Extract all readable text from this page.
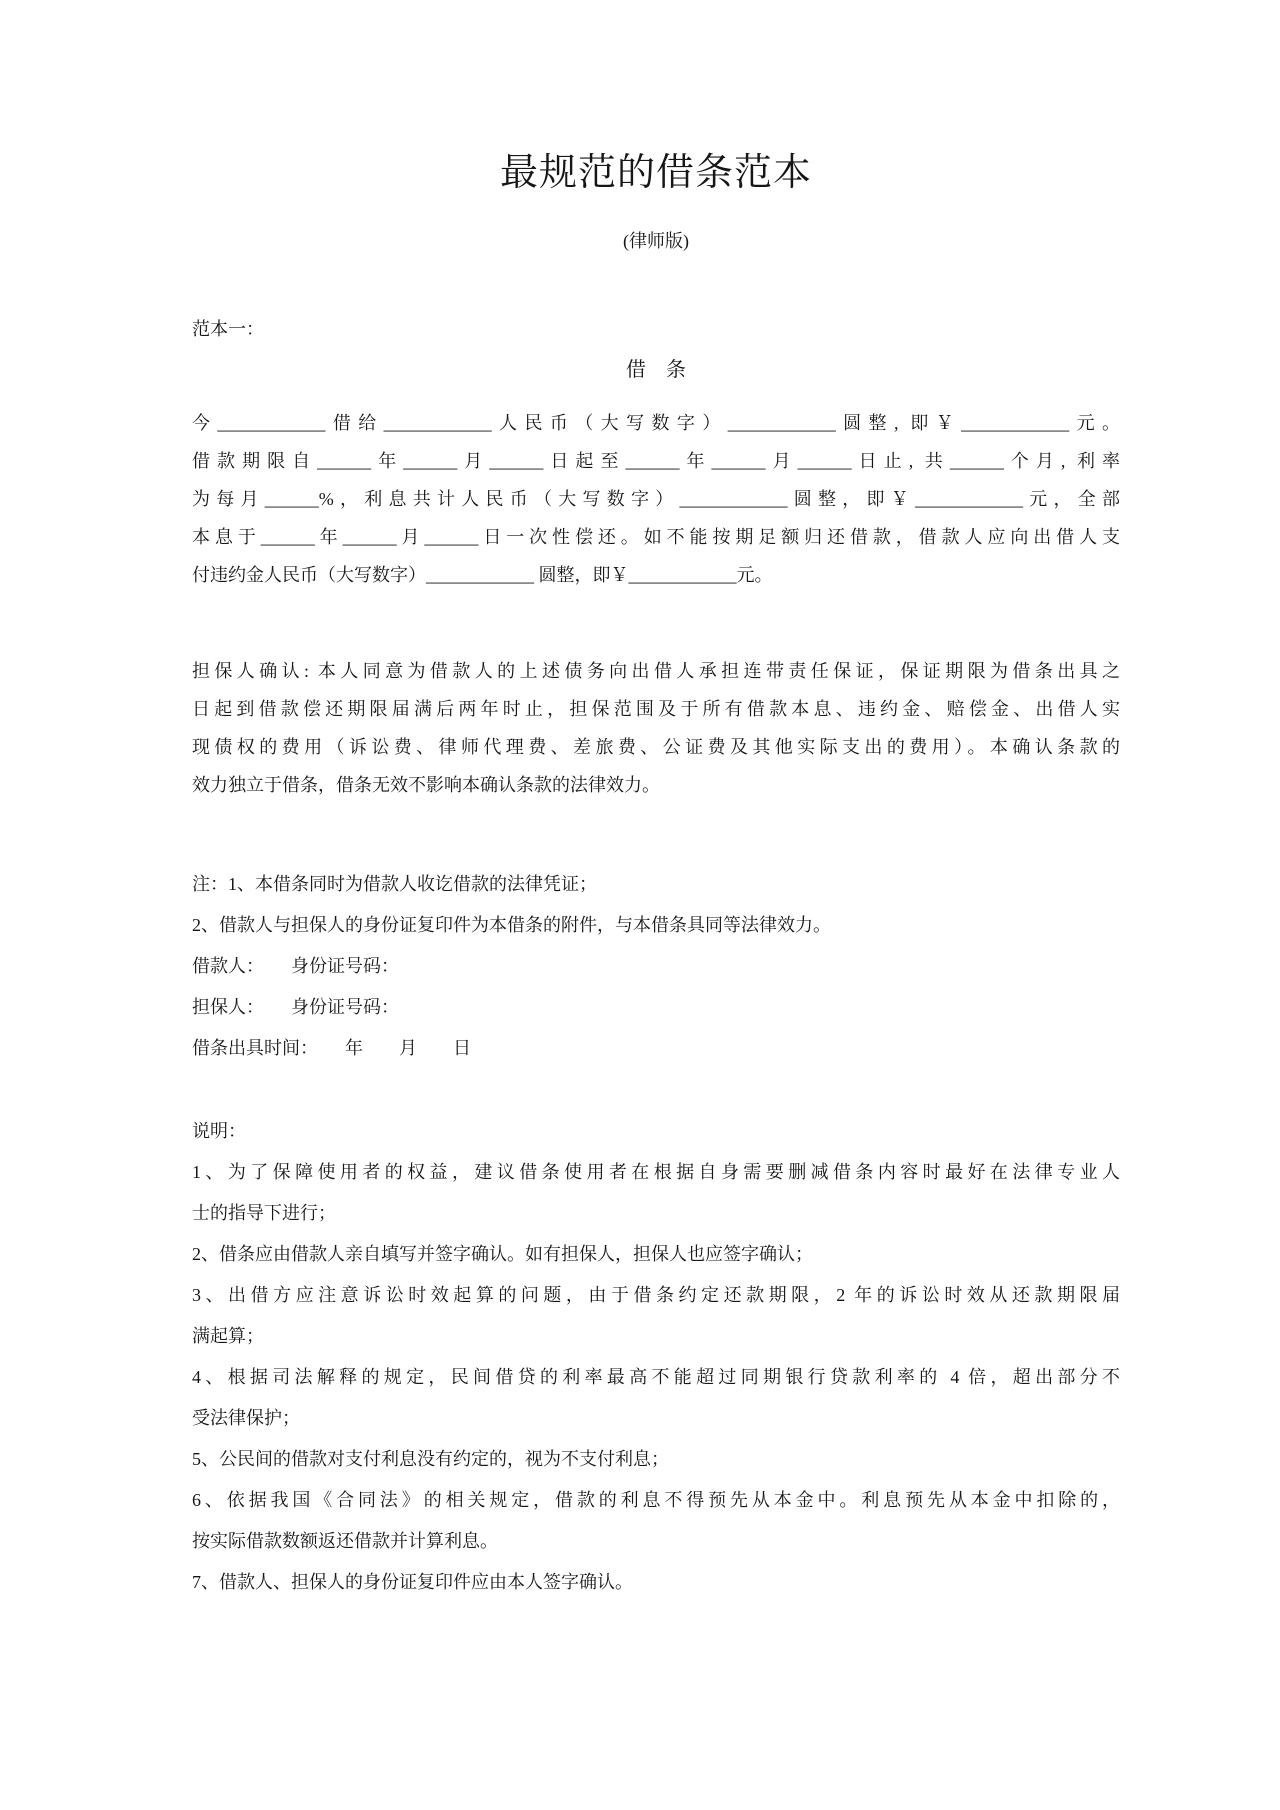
最规范的借条范本
(律师版)
范本一：
借　条
今____________借给____________人民币（大写数字）____________圆整, 即￥____________元。
借款期限自______年______月______日起至______年______月______日止, 共______个月, 利率
为每月______%，利息共计人民币（大写数字）____________圆整，即￥____________元，全部
本息于______年______月______日一次性偿还。如不能按期足额归还借款，借款人应向出借人支
付违约金人民币（大写数字）____________ 圆整，即￥____________元。
担保人确认: 本人同意为借款人的上述债务向出借人承担连带责任保证，保证期限为借条出具之
日起到借款偿还期限届满后两年时止，担保范围及于所有借款本息、违约金、赔偿金、出借人实
现债权的费用（诉讼费、律师代理费、差旅费、公证费及其他实际支出的费用）。本确认条款的
效力独立于借条，借条无效不影响本确认条款的法律效力。
注：1、本借条同时为借款人收讫借款的法律凭证；
2、借款人与担保人的身份证复印件为本借条的附件，与本借条具同等法律效力。
借款人：　　身份证号码：
担保人：　　身份证号码：
借条出具时间：　　年　　月　　日
说明：
1、为了保障使用者的权益，建议借条使用者在根据自身需要删减借条内容时最好在法律专业人
士的指导下进行；
2、借条应由借款人亲自填写并签字确认。如有担保人，担保人也应签字确认；
3、出借方应注意诉讼时效起算的问题，由于借条约定还款期限，2 年的诉讼时效从还款期限届
满起算；
4、根据司法解释的规定，民间借贷的利率最高不能超过同期银行贷款利率的 4 倍，超出部分不
受法律保护；
5、公民间的借款对支付利息没有约定的，视为不支付利息；
6、依据我国《合同法》的相关规定，借款的利息不得预先从本金中。利息预先从本金中扣除的，
按实际借款数额返还借款并计算利息。
7、借款人、担保人的身份证复印件应由本人签字确认。
